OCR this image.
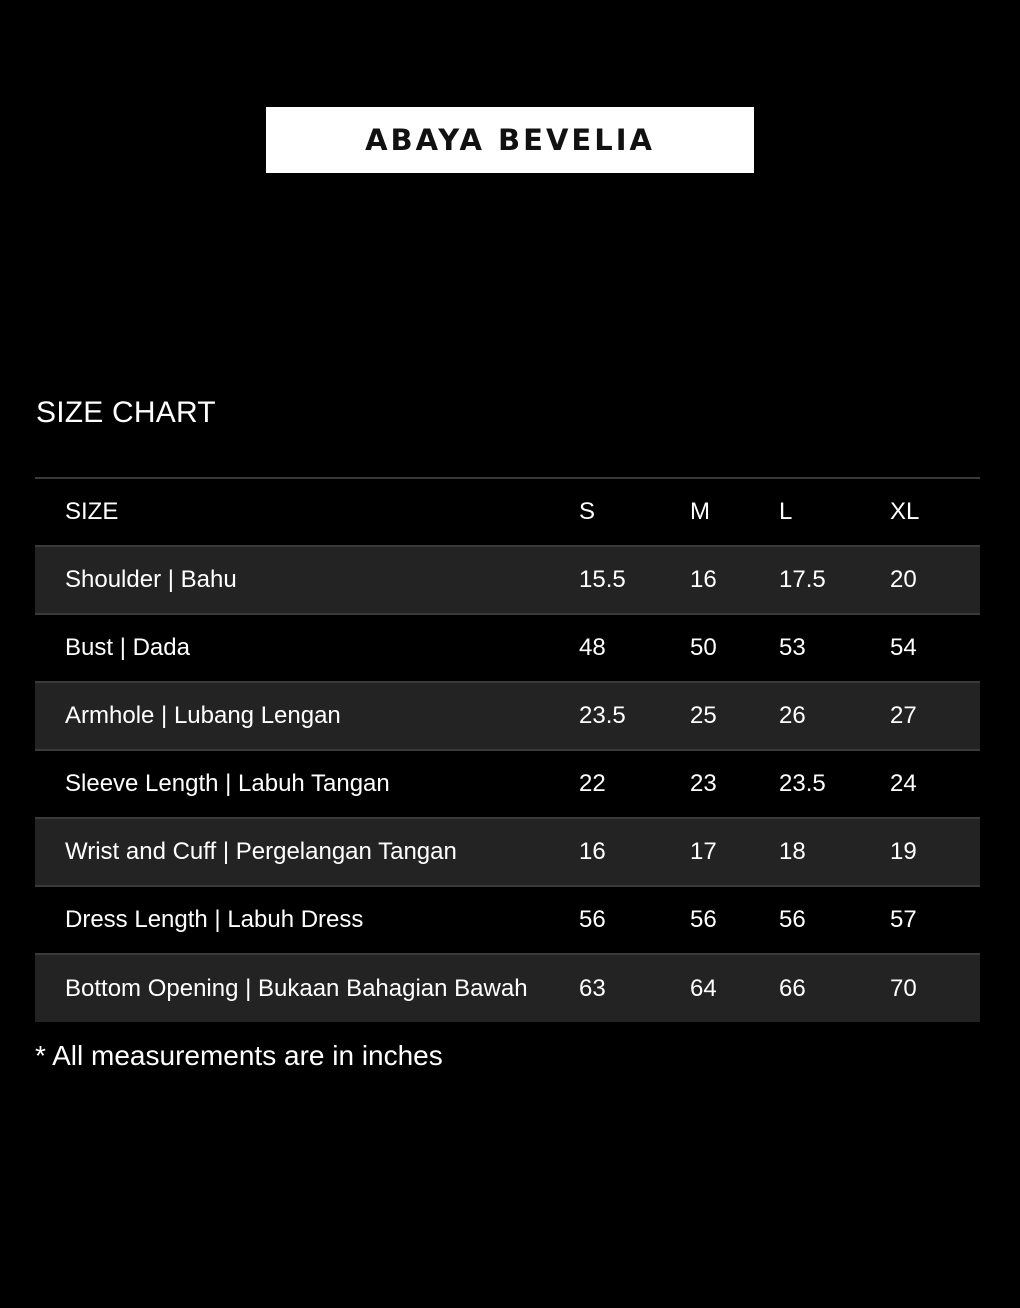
ABAYA BEVELIA
SIZE CHART
SIZE	S	M	L	XL
Shoulder | Bahu	15.5	16	17.5	20
Bust | Dada	48	50	53	54
Armhole | Lubang Lengan	23.5	25	26	27
Sleeve Length | Labuh Tangan	22	23	23.5	24
Wrist and Cuff | Pergelangan Tangan	16	17	18	19
Dress Length | Labuh Dress	56	56	56	57
Bottom Opening | Bukaan Bahagian Bawah	63	64	66	70
* All measurements are in inches
